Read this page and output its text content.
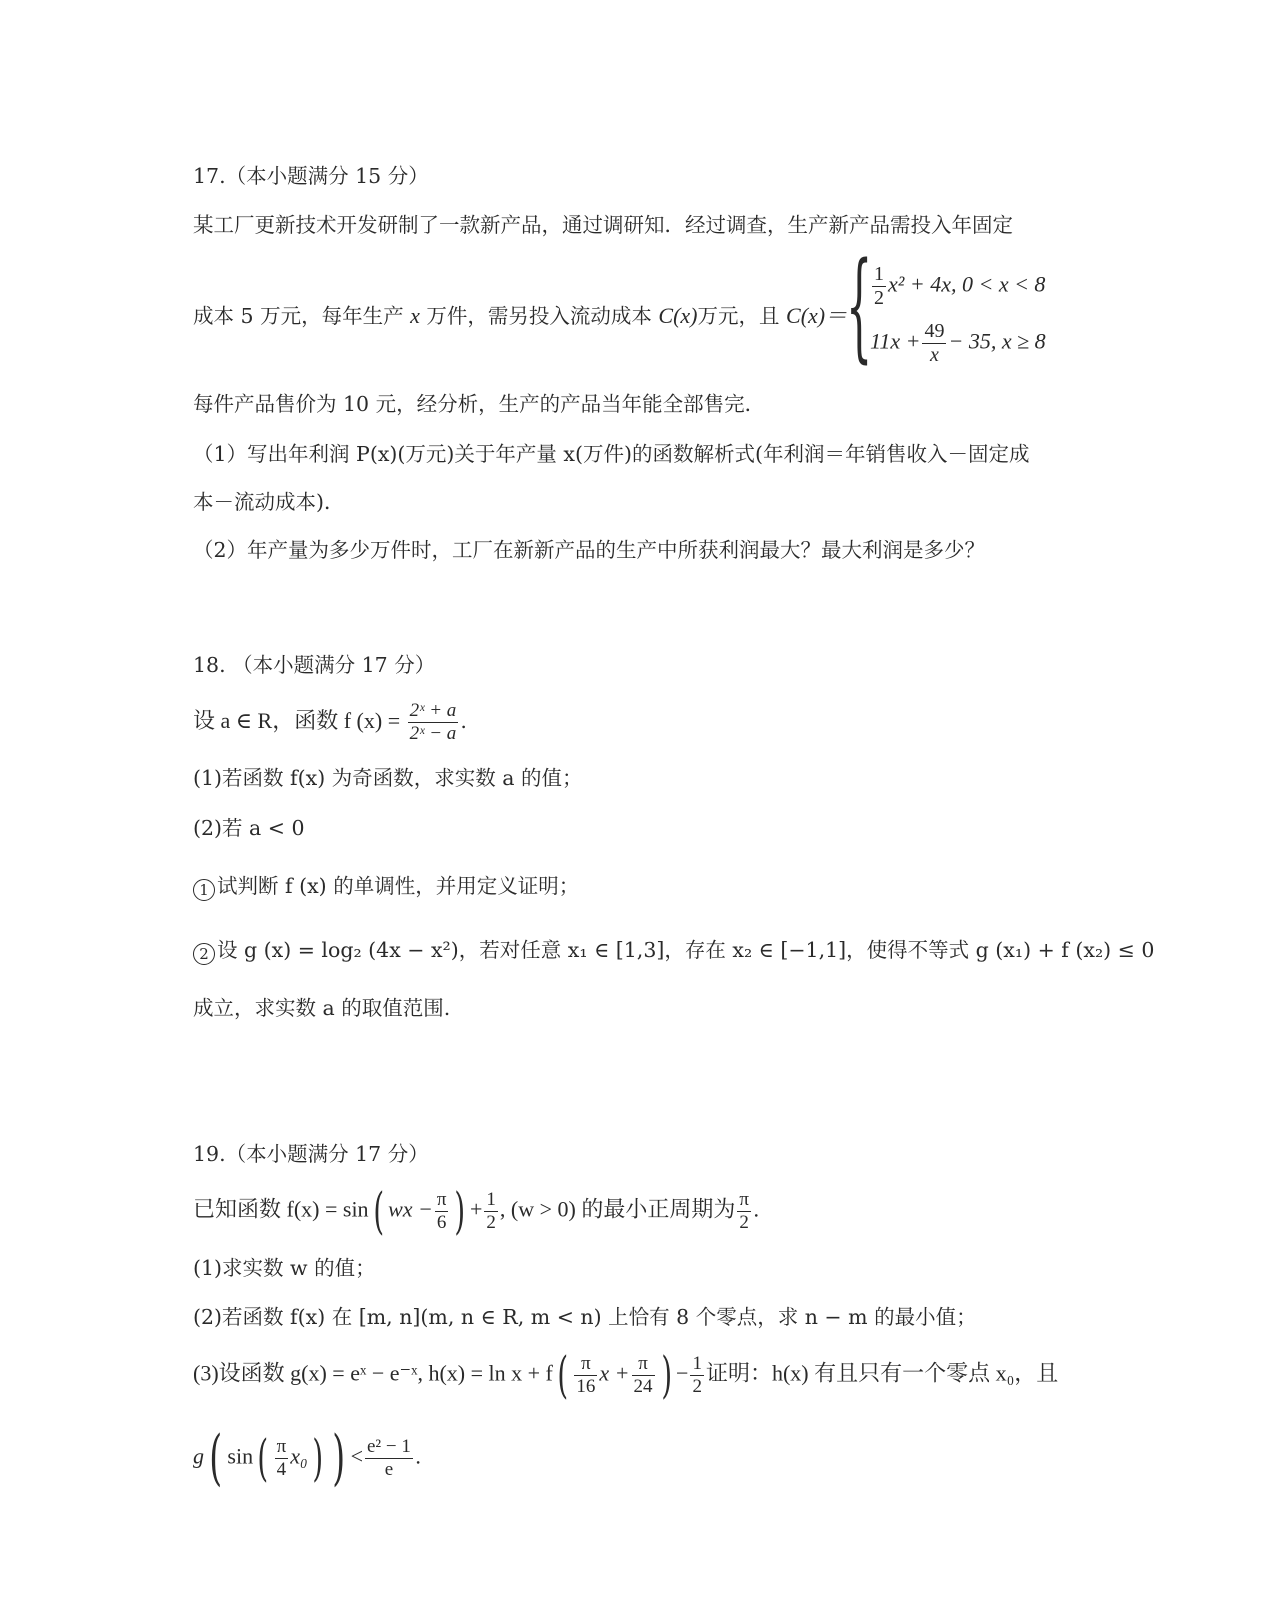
17.（本小题满分 15 分）
某工厂更新技术开发研制了一款新产品，通过调研知．经过调查，生产新产品需投入年固定
成本 5 万元，每年生产 x 万件，需另投入流动成本 C(x)万元，且 C(x)＝
{ $\frac{1}{2} x^2 + 4x$, 0 < x < 8
$11x + \frac{49}{x} - 35$, x ≥ 8
每件产品售价为 10 元，经分析，生产的产品当年能全部售完．
（1）写出年利润 P(x)(万元)关于年产量 x(万件)的函数解析式(年利润＝年销售收入－固定成
本－流动成本)．
（2）年产量为多少万件时，工厂在新新产品的生产中所获利润最大？最大利润是多少？
18. （本小题满分 17 分）
设 a ∈ R，函数 f $(x) = \frac{\text{2ˣ + a}}{\text{2ˣ − a}}$ .
(1)若函数 f(x) 为奇函数，求实数 a 的值；
(2)若 a < 0
1 试判断 f (x) 的单调性，并用定义证明；
2 设 g (x) = log₂ (4x − x²)，若对任意 x₁ ∈ [1,3]，存在 x₂ ∈ [−1,1]，使得不等式 g (x₁) + f (x₂) ≤ 0
成立，求实数 a 的取值范围.
19.（本小题满分 17 分）
已知函数 f(x) = sin( wx − $\frac{\pi}{6}$ ) + $\frac{1}{2}$ , (w > 0) 的最小正周期为 $\frac{\pi}{2}$ .
(1)求实数 w 的值；
(2)若函数 f(x) 在 [m, n](m, n ∈ R, m < n) 上恰有 8 个零点，求 n − m 的最小值；
(3)设函数 g(x) = eˣ − e⁻ˣ, $h(x) = \ln x + f( \frac{\pi}{16}$ $x + \frac{\pi}{24}$ ) − $\frac{1}{2}$ 证明：h(x) 有且只有一个零点 x₀，且
g( $\sin( \frac{\pi}{4} x_0)$ ) < $\frac{\text{e² − 1}}{e}$ .
